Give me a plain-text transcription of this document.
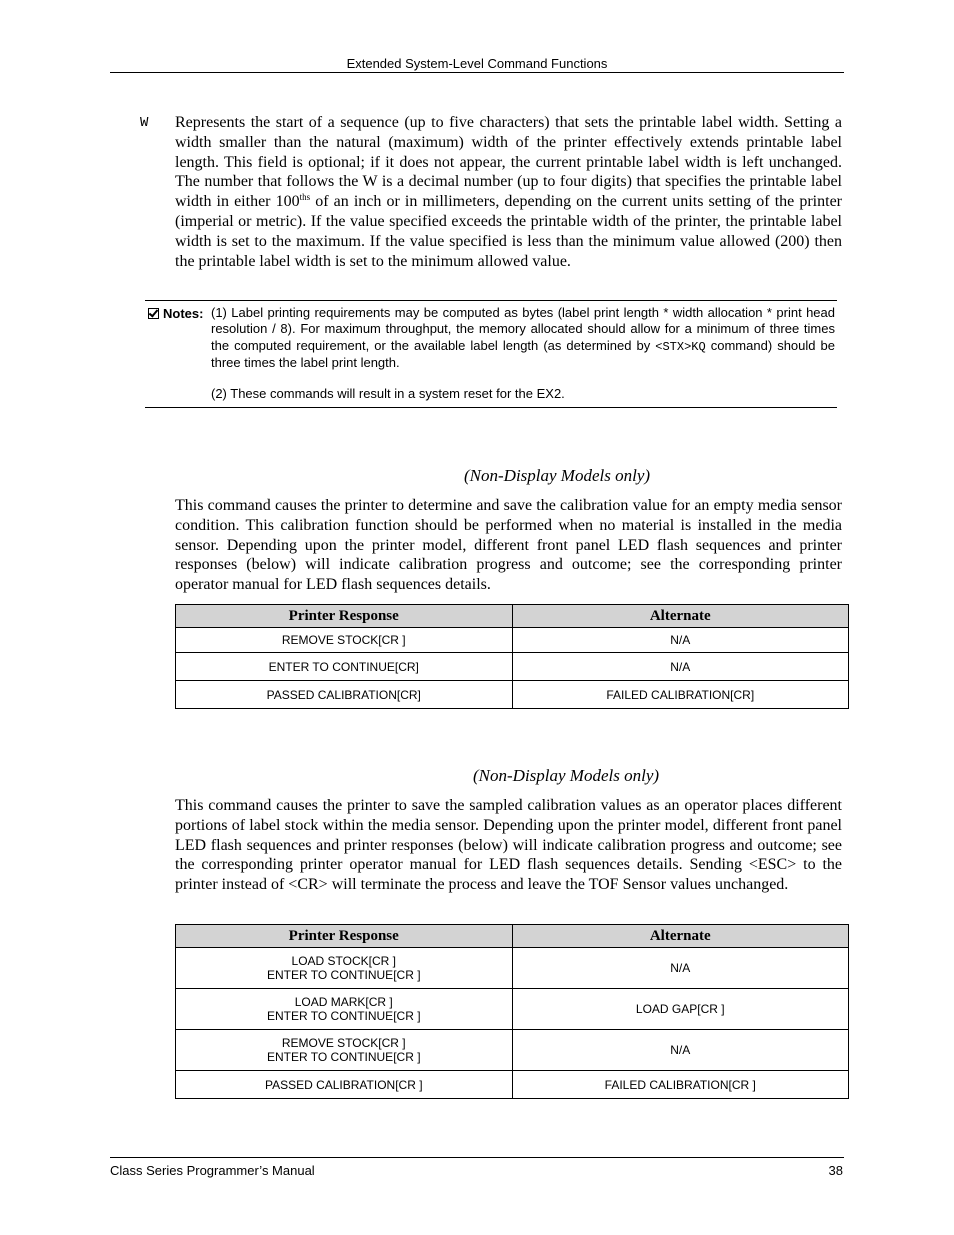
Extended System-Level Command Functions
W Represents the start of a sequence (up to five characters) that sets the printable label width. Setting a width smaller than the natural (maximum) width of the printer effectively extends printable label length. This field is optional; if it does not appear, the current printable label width is left unchanged. The number that follows the W is a decimal number (up to four digits) that specifies the printable label width in either $100^{ths}$ of an inch or in millimeters, depending on the current units setting of the printer (imperial or metric). If the value specified exceeds the printable width of the printer, the printable label width is set to the maximum. If the value specified is less than the minimum value allowed (200) then the printable label width is set to the minimum allowed value.

Notes: (1) Label printing requirements may be computed as bytes (label print length * width allocation * print head resolution / 8). For maximum throughput, the memory allocated should allow for a minimum of three times the computed requirement, or the available label length (as determined by <STX>KQ command) should be three times the label print length.

(2) These commands will result in a system reset for the EX2.

(Non-Display Models only)

This command causes the printer to determine and save the calibration value for an empty media sensor condition. This calibration function should be performed when no material is installed in the media sensor. Depending upon the printer model, different front panel LED flash sequences and printer responses (below) will indicate calibration progress and outcome; see the corresponding printer operator manual for LED flash sequences details.

Printer Response	Alternate
REMOVE STOCK[CR ]	N/A
ENTER TO CONTINUE[CR]	N/A
PASSED CALIBRATION[CR]	FAILED CALIBRATION[CR]
(Non-Display Models only)

This command causes the printer to save the sampled calibration values as an operator places different portions of label stock within the media sensor. Depending upon the printer model, different front panel LED flash sequences and printer responses (below) will indicate calibration progress and outcome; see the corresponding printer operator manual for LED flash sequences details. Sending <ESC> to the printer instead of <CR> will terminate the process and leave the TOF Sensor values unchanged.

Printer Response	Alternate

LOAD STOCK[CR ]
ENTER TO CONTINUE[CR ]	N/A

LOAD MARK[CR ]
ENTER TO CONTINUE[CR ]	LOAD GAP[CR ]

REMOVE STOCK[CR ]
ENTER TO CONTINUE[CR ]	N/A
PASSED CALIBRATION[CR ]	FAILED CALIBRATION[CR ]
Class Series Programmer’s Manual	38
